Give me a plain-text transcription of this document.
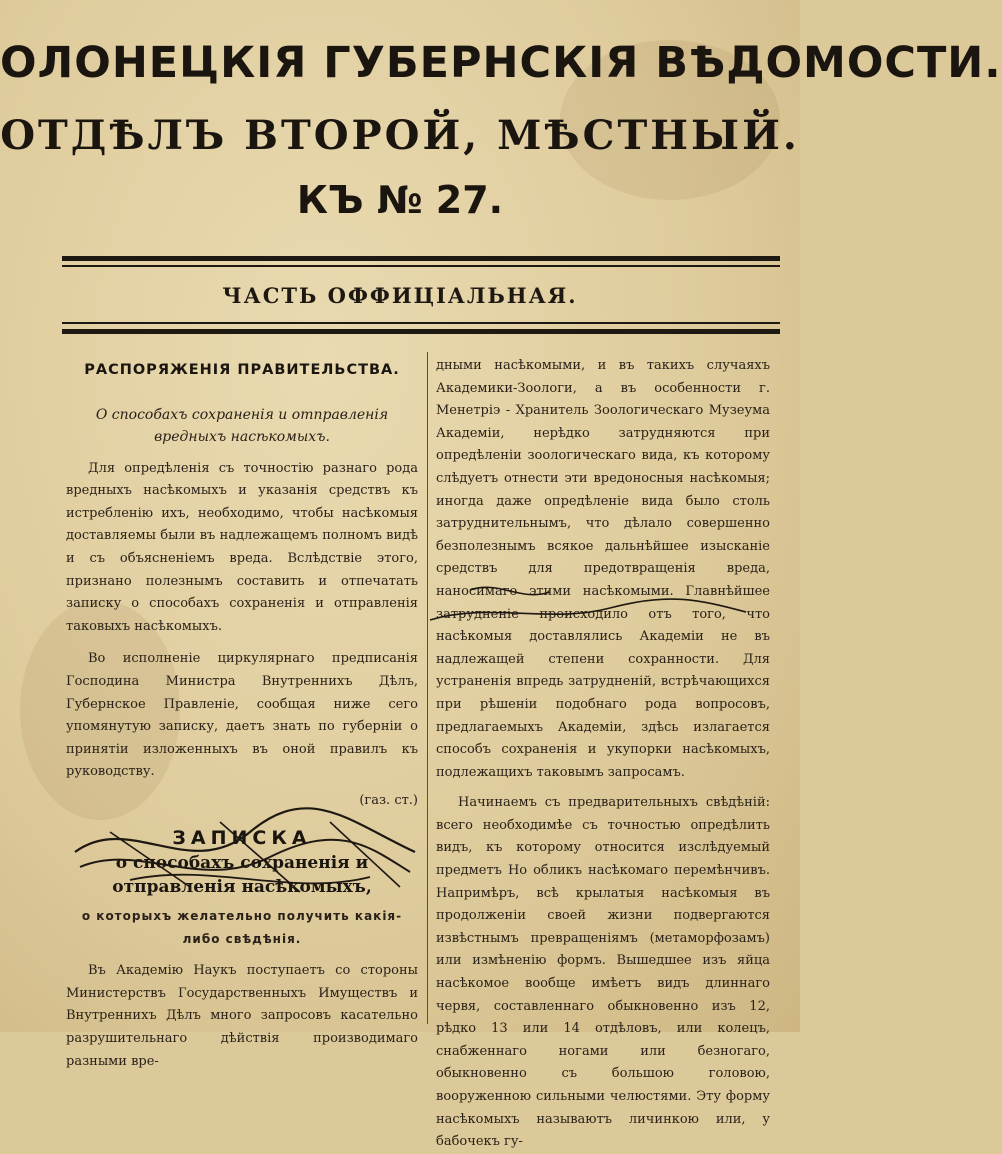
ОЛОНЕЦКІЯ ГУБЕРНСКІЯ ВѢДОМОСТИ.
ОТДѢЛЪ ВТОРОЙ, МѢСТНЫЙ.
КЪ № 27.
ЧАСТЬ ОФФИЦІАЛЬНАЯ.

РАСПОРЯЖЕНІЯ ПРАВИТЕЛЬСТВА.

О способахъ сохраненія и отправленія вредныхъ насѣкомыхъ.

Для опредѣленія съ точностію разнаго рода вредныхъ насѣкомыхъ и указанія средствъ къ истребленію ихъ, необходимо, чтобы насѣкомыя доставляемы были въ надлежащемъ полномъ видѣ и съ объясненіемъ вреда. Вслѣдствіе этого, признано полезнымъ составить и отпечатать записку о способахъ сохраненія и отправленія таковыхъ насѣкомыхъ.

Во исполненіе циркулярнаго предписанія Господина Министра Внутреннихъ Дѣлъ, Губернское Правленіе, сообщая ниже сего упомянутую записку, даетъ знать по губерніи о принятіи изложенныхъ въ оной правилъ къ руководству.

(газ. ст.)

ЗАПИСКА

о способахъ сохраненія и отправленія насѣкомыхъ,

о которыхъ желательно получить какія-либо свѣдѣнія.

Въ Академію Наукъ поступаетъ со стороны Министерствъ Государственныхъ Имуществъ и Внутреннихъ Дѣлъ много запросовъ касательно разрушительнаго дѣйствія производимаго разными вре-

дными насѣкомыми, и въ такихъ случаяхъ Академики-Зоологи, а въ особенности г. Менетріэ - Хранитель Зоологическаго Музеума Академіи, нерѣдко затрудняются при опредѣленіи зоологическаго вида, къ которому слѣдуетъ отнести эти вредоносныя насѣкомыя; иногда даже опредѣленіе вида было столь затруднительнымъ, что дѣлало совершенно безполезнымъ всякое дальнѣйшее изысканіе средствъ для предотвращенія вреда, наносимаго этими насѣкомыми. Главнѣйшее затрудненіе происходило отъ того, что насѣкомыя доставлялись Академіи не въ надлежащей степени сохранности. Для устраненія впредь затрудненій, встрѣчающихся при рѣшеніи подобнаго рода вопросовъ, предлагаемыхъ Академіи, здѣсь излагается способъ сохраненія и укупорки насѣкомыхъ, подлежащихъ таковымъ запросамъ.

Начинаемъ съ предварительныхъ свѣдѣній: всего необходимѣе съ точностью опредѣлить видъ, къ которому относится изслѣдуемый предметъ Но обликъ насѣкомаго перемѣнчивъ. Напримѣръ, всѣ крылатыя насѣкомыя въ продолженіи своей жизни подвергаются извѣстнымъ превращеніямъ (метаморфозамъ) или измѣненію формъ. Вышедшее изъ яйца насѣкомое вообще имѣетъ видъ длиннаго червя, составленнаго обыкновенно изъ 12, рѣдко 13 или 14 отдѣловъ, или колецъ, снабженнаго ногами или безногаго, обыкновенно съ большою головою, вооруженною сильными челюстями. Эту форму насѣкомыхъ называютъ личинкою или, у бабочекъ гу-
